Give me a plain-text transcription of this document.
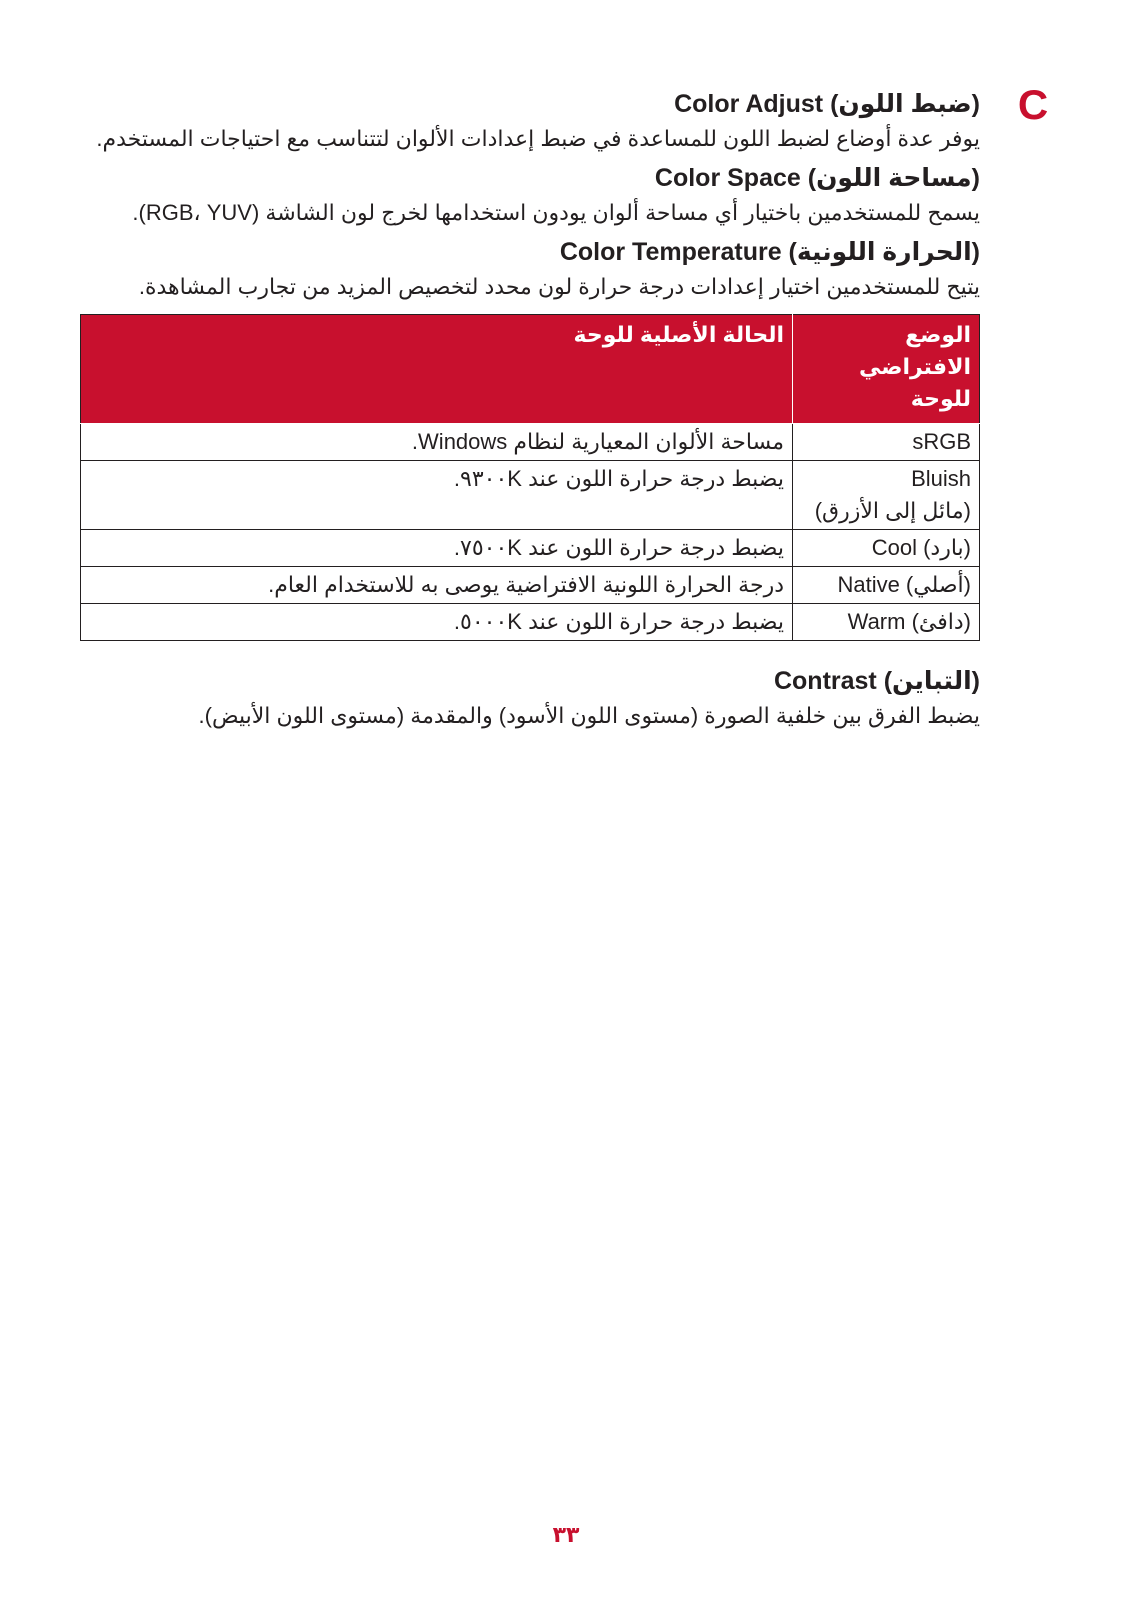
C
Color Adjust (ضبط اللون)

يوفر عدة أوضاع لضبط اللون للمساعدة في ضبط إعدادات الألوان لتتناسب مع احتياجات المستخدم.

Color Space (مساحة اللون)

يسمح للمستخدمين باختيار أي مساحة ألوان يودون استخدامها لخرج لون الشاشة (RGB، YUV).

Color Temperature (الحرارة اللونية)

يتيح للمستخدمين اختيار إعدادات درجة حرارة لون محدد لتخصيص المزيد من تجارب المشاهدة.

الوضع الافتراضي
للوحة	الحالة الأصلية للوحة

sRGB	مساحة الألوان المعيارية لنظام Windows.

Bluish
(مائل إلى الأزرق)	يضبط درجة حرارة اللون عند ٩٣٠٠K.

Cool (بارد)	يضبط درجة حرارة اللون عند ٧٥٠٠K.

Native (أصلي)	درجة الحرارة اللونية الافتراضية يوصى به للاستخدام العام.

Warm (دافئ)	يضبط درجة حرارة اللون عند ٥٠٠٠K.
Contrast (التباين)

يضبط الفرق بين خلفية الصورة (مستوى اللون الأسود) والمقدمة (مستوى اللون الأبيض).

٣٣
